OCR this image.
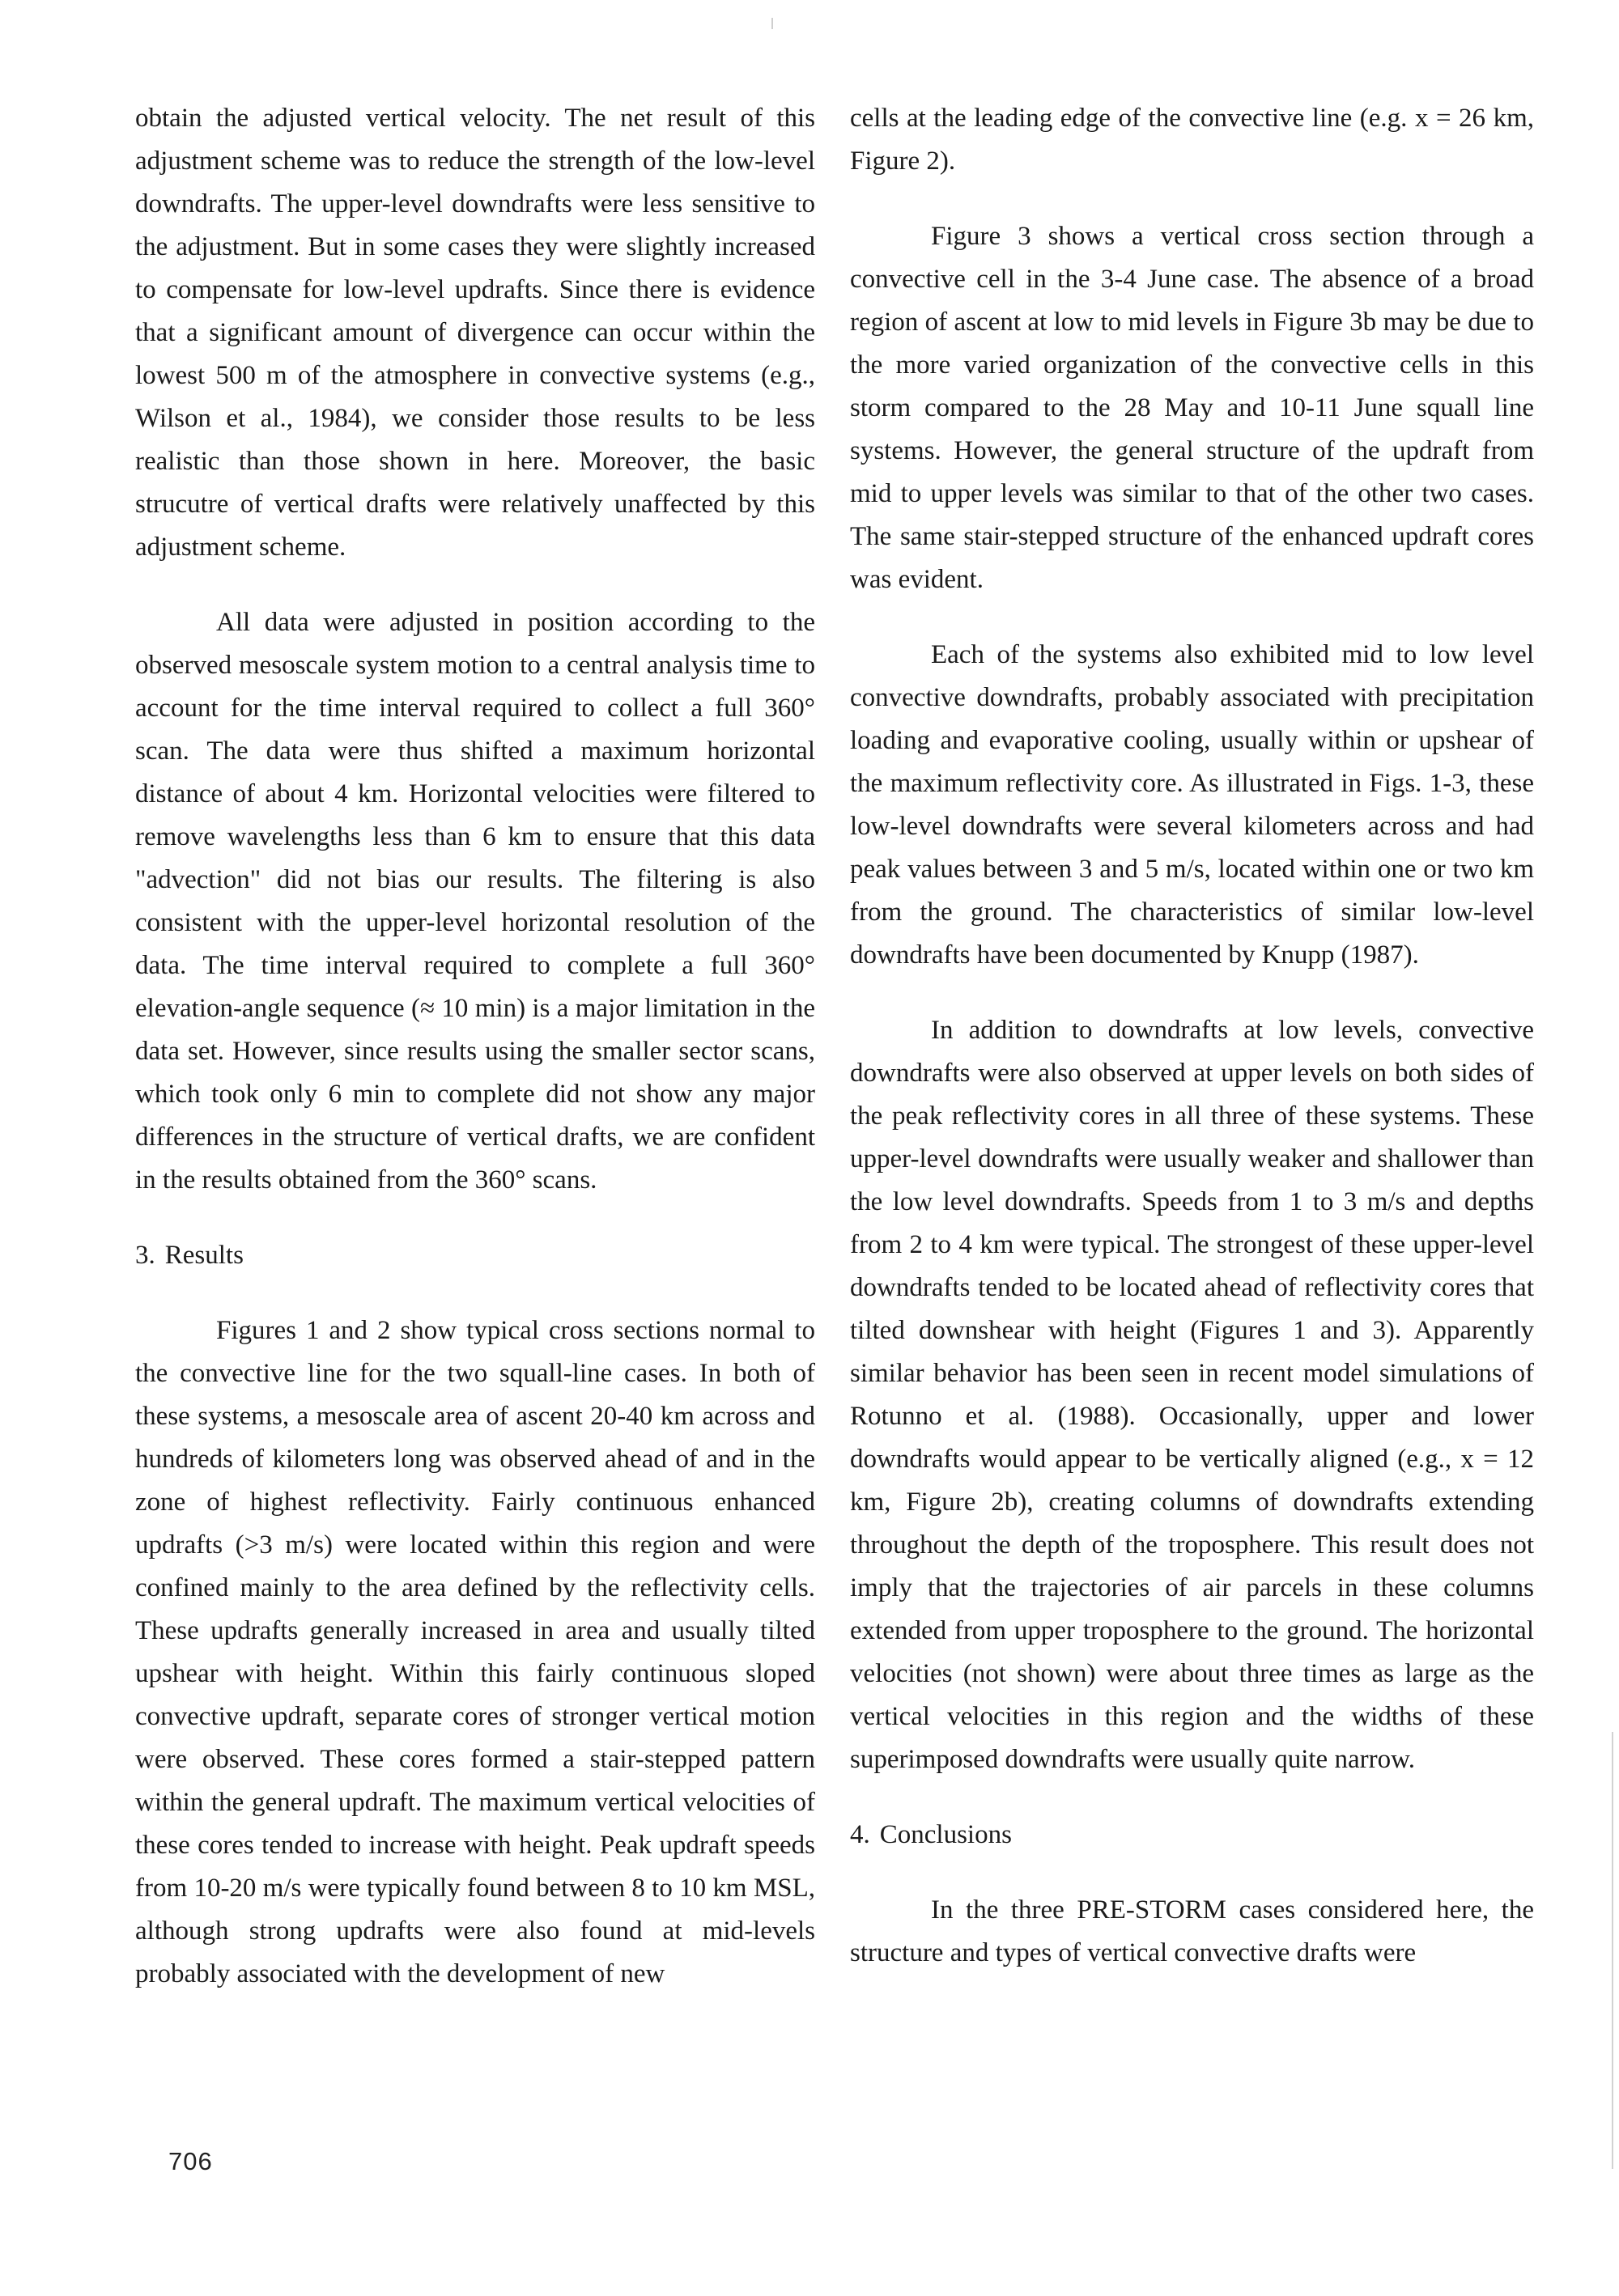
obtain the adjusted vertical velocity. The net result of this adjustment scheme was to reduce the strength of the low-level downdrafts. The upper-level downdrafts were less sensitive to the adjustment. But in some cases they were slightly increased to compensate for low-level updrafts. Since there is evidence that a significant amount of divergence can occur within the lowest 500 m of the atmosphere in convective systems (e.g., Wilson et al., 1984), we consider those results to be less realistic than those shown in here. Moreover, the basic strucutre of vertical drafts were relatively unaffected by this adjustment scheme.

All data were adjusted in position according to the observed mesoscale system motion to a central analysis time to account for the time interval required to collect a full 360° scan. The data were thus shifted a maximum horizontal distance of about 4 km. Horizontal velocities were filtered to remove wavelengths less than 6 km to ensure that this data "advection" did not bias our results. The filtering is also consistent with the upper-level horizontal resolution of the data. The time interval required to complete a full 360° elevation-angle sequence (≈ 10 min) is a major limitation in the data set. However, since results using the smaller sector scans, which took only 6 min to complete did not show any major differences in the structure of vertical drafts, we are confident in the results obtained from the 360° scans.

3. Results

Figures 1 and 2 show typical cross sections normal to the convective line for the two squall-line cases. In both of these systems, a mesoscale area of ascent 20-40 km across and hundreds of kilometers long was observed ahead of and in the zone of highest reflectivity. Fairly continuous enhanced updrafts (>3 m/s) were located within this region and were confined mainly to the area defined by the reflectivity cells. These updrafts generally increased in area and usually tilted upshear with height. Within this fairly continuous sloped convective updraft, separate cores of stronger vertical motion were observed. These cores formed a stair-stepped pattern within the general updraft. The maximum vertical velocities of these cores tended to increase with height. Peak updraft speeds from 10-20 m/s were typically found between 8 to 10 km MSL, although strong updrafts were also found at mid-levels probably associated with the development of new

cells at the leading edge of the convective line (e.g. x = 26 km, Figure 2).

Figure 3 shows a vertical cross section through a convective cell in the 3-4 June case. The absence of a broad region of ascent at low to mid levels in Figure 3b may be due to the more varied organization of the convective cells in this storm compared to the 28 May and 10-11 June squall line systems. However, the general structure of the updraft from mid to upper levels was similar to that of the other two cases. The same stair-stepped structure of the enhanced updraft cores was evident.

Each of the systems also exhibited mid to low level convective downdrafts, probably associated with precipitation loading and evaporative cooling, usually within or upshear of the maximum reflectivity core. As illustrated in Figs. 1-3, these low-level downdrafts were several kilometers across and had peak values between 3 and 5 m/s, located within one or two km from the ground. The characteristics of similar low-level downdrafts have been documented by Knupp (1987).

In addition to downdrafts at low levels, convective downdrafts were also observed at upper levels on both sides of the peak reflectivity cores in all three of these systems. These upper-level downdrafts were usually weaker and shallower than the low level downdrafts. Speeds from 1 to 3 m/s and depths from 2 to 4 km were typical. The strongest of these upper-level downdrafts tended to be located ahead of reflectivity cores that tilted downshear with height (Figures 1 and 3). Apparently similar behavior has been seen in recent model simulations of Rotunno et al. (1988). Occasionally, upper and lower downdrafts would appear to be vertically aligned (e.g., x = 12 km, Figure 2b), creating columns of downdrafts extending throughout the depth of the troposphere. This result does not imply that the trajectories of air parcels in these columns extended from upper troposphere to the ground. The horizontal velocities (not shown) were about three times as large as the vertical velocities in this region and the widths of these superimposed downdrafts were usually quite narrow.

4. Conclusions

In the three PRE-STORM cases considered here, the structure and types of vertical convective drafts were

706
